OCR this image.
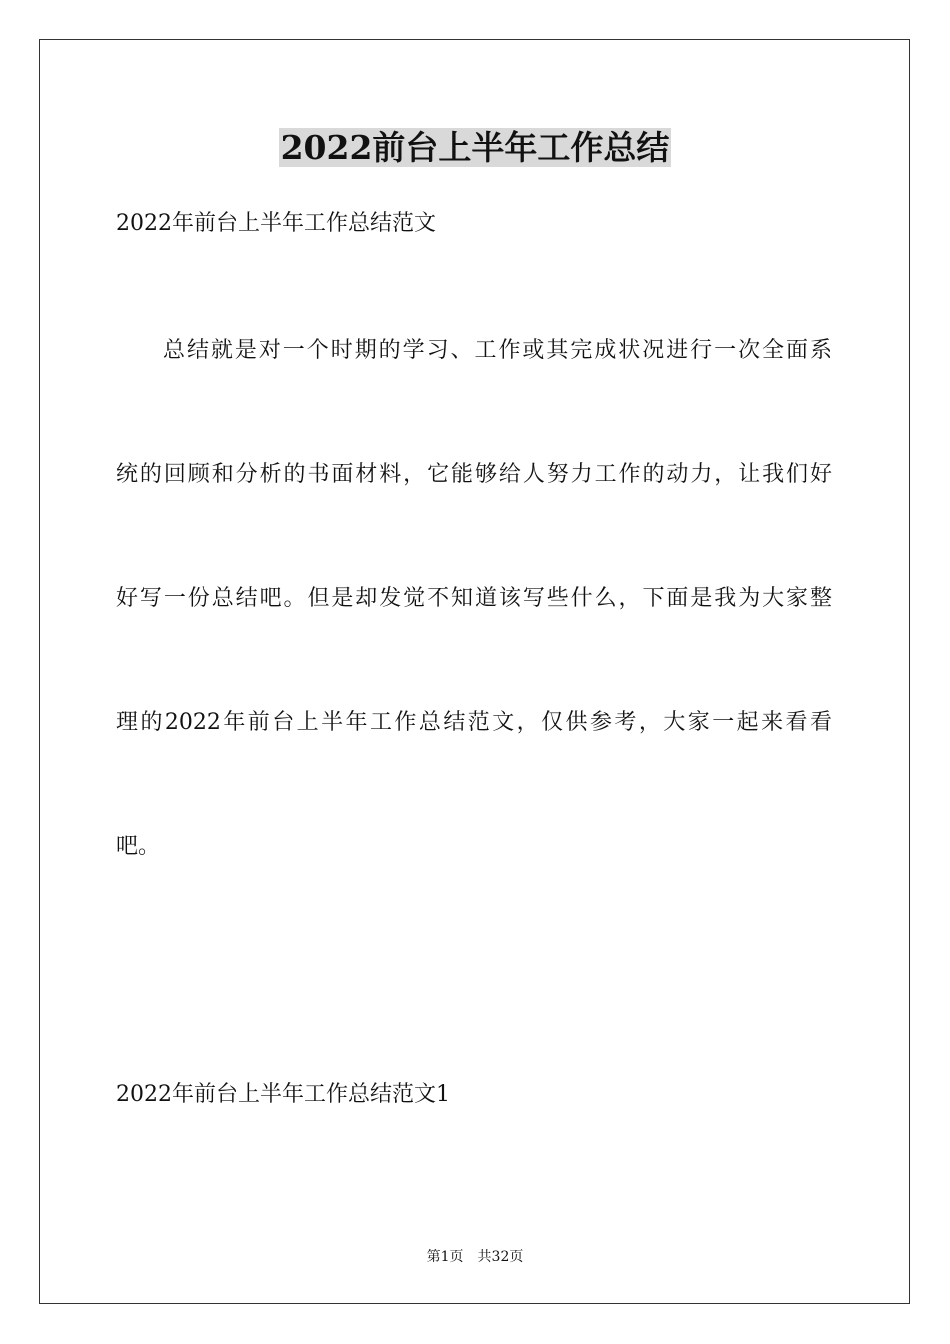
2022前台上半年工作总结

2022年前台上半年工作总结范文

总结就是对一个时期的学习、工作或其完成状况进行一次全面系

统的回顾和分析的书面材料，它能够给人努力工作的动力，让我们好

好写一份总结吧。但是却发觉不知道该写些什么，下面是我为大家整

理的2022年前台上半年工作总结范文，仅供参考，大家一起来看看

吧。

2022年前台上半年工作总结范文1

第1页 共32页
